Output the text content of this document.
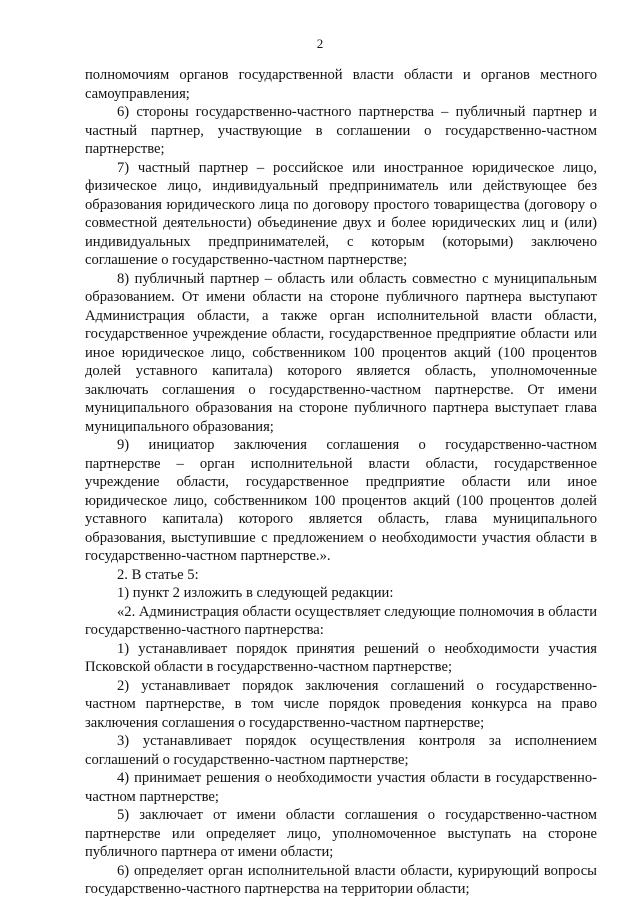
2

полномочиям органов государственной власти области и органов местного самоуправления;

6) стороны государственно-частного партнерства – публичный партнер и частный партнер, участвующие в соглашении о государственно-частном партнерстве;

7) частный партнер – российское или иностранное юридическое лицо, физическое лицо, индивидуальный предприниматель или действующее без образования юридического лица по договору простого товарищества (договору о совместной деятельности) объединение двух и более юридических лиц и (или) индивидуальных предпринимателей, с которым (которыми) заключено соглашение о государственно-частном партнерстве;

8) публичный партнер – область или область совместно с муниципальным образованием. От имени области на стороне публичного партнера выступают Администрация области, а также орган исполнительной власти области, государственное учреждение области, государственное предприятие области или иное юридическое лицо, собственником 100 процентов акций (100 процентов долей уставного капитала) которого является область, уполномоченные заключать соглашения о государственно-частном партнерстве. От имени муниципального образования на стороне публичного партнера выступает глава муниципального образования;

9) инициатор заключения соглашения о государственно-частном партнерстве – орган исполнительной власти области, государственное учреждение области, государственное предприятие области или иное юридическое лицо, собственником 100 процентов акций (100 процентов долей уставного капитала) которого является область, глава муниципального образования, выступившие с предложением о необходимости участия области в государственно-частном партнерстве.».

2. В статье 5:

1) пункт 2 изложить в следующей редакции:

«2. Администрация области осуществляет следующие полномочия в области государственно-частного партнерства:

1) устанавливает порядок принятия решений о необходимости участия Псковской области в государственно-частном партнерстве;

2) устанавливает порядок заключения соглашений о государственно-частном партнерстве, в том числе порядок проведения конкурса на право заключения соглашения о государственно-частном партнерстве;

3) устанавливает порядок осуществления контроля за исполнением соглашений о государственно-частном партнерстве;

4) принимает решения о необходимости участия области в государственно-частном партнерстве;

5) заключает от имени области соглашения о государственно-частном партнерстве или определяет лицо, уполномоченное выступать на стороне публичного партнера от имени области;

6) определяет орган исполнительной власти области, курирующий вопросы государственно-частного партнерства на территории области;
